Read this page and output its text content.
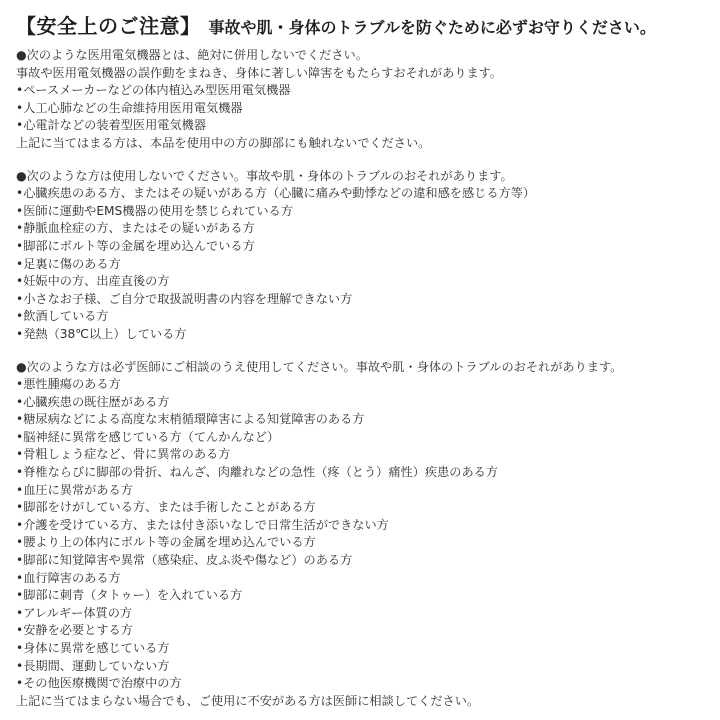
【安全上のご注意】 事故や肌・身体のトラブルを防ぐために必ずお守りください。
●次のような医用電気機器とは、絶対に併用しないでください。
事故や医用電気機器の誤作動をまねき、身体に著しい障害をもたらすおそれがあります。
•ペースメーカーなどの体内植込み型医用電気機器
•人工心肺などの生命維持用医用電気機器
•心電計などの装着型医用電気機器
上記に当てはまる方は、本品を使用中の方の脚部にも触れないでください。
●次のような方は使用しないでください。事故や肌・身体のトラブルのおそれがあります。
•心臓疾患のある方、またはその疑いがある方（心臓に痛みや動悸などの違和感を感じる方等）
•医師に運動やEMS機器の使用を禁じられている方
•静脈血栓症の方、またはその疑いがある方
•脚部にボルト等の金属を埋め込んでいる方
•足裏に傷のある方
•妊娠中の方、出産直後の方
•小さなお子様、ご自分で取扱説明書の内容を理解できない方
•飲酒している方
•発熱（38℃以上）している方
●次のような方は必ず医師にご相談のうえ使用してください。事故や肌・身体のトラブルのおそれがあります。
•悪性腫瘍のある方
•心臓疾患の既往歴がある方
•糖尿病などによる高度な末梢循環障害による知覚障害のある方
•脳神経に異常を感じている方（てんかんなど）
•骨粗しょう症など、骨に異常のある方
•脊椎ならびに脚部の骨折、ねんざ、肉離れなどの急性（疼（とう）痛性）疾患のある方
•血圧に異常がある方
•脚部をけがしている方、または手術したことがある方
•介護を受けている方、または付き添いなしで日常生活ができない方
•腰より上の体内にボルト等の金属を埋め込んでいる方
•脚部に知覚障害や異常（感染症、皮ふ炎や傷など）のある方
•血行障害のある方
•脚部に刺青（タトゥー）を入れている方
•アレルギー体質の方
•安静を必要とする方
•身体に異常を感じている方
•長期間、運動していない方
•その他医療機関で治療中の方
上記に当てはまらない場合でも、ご使用に不安がある方は医師に相談してください。
